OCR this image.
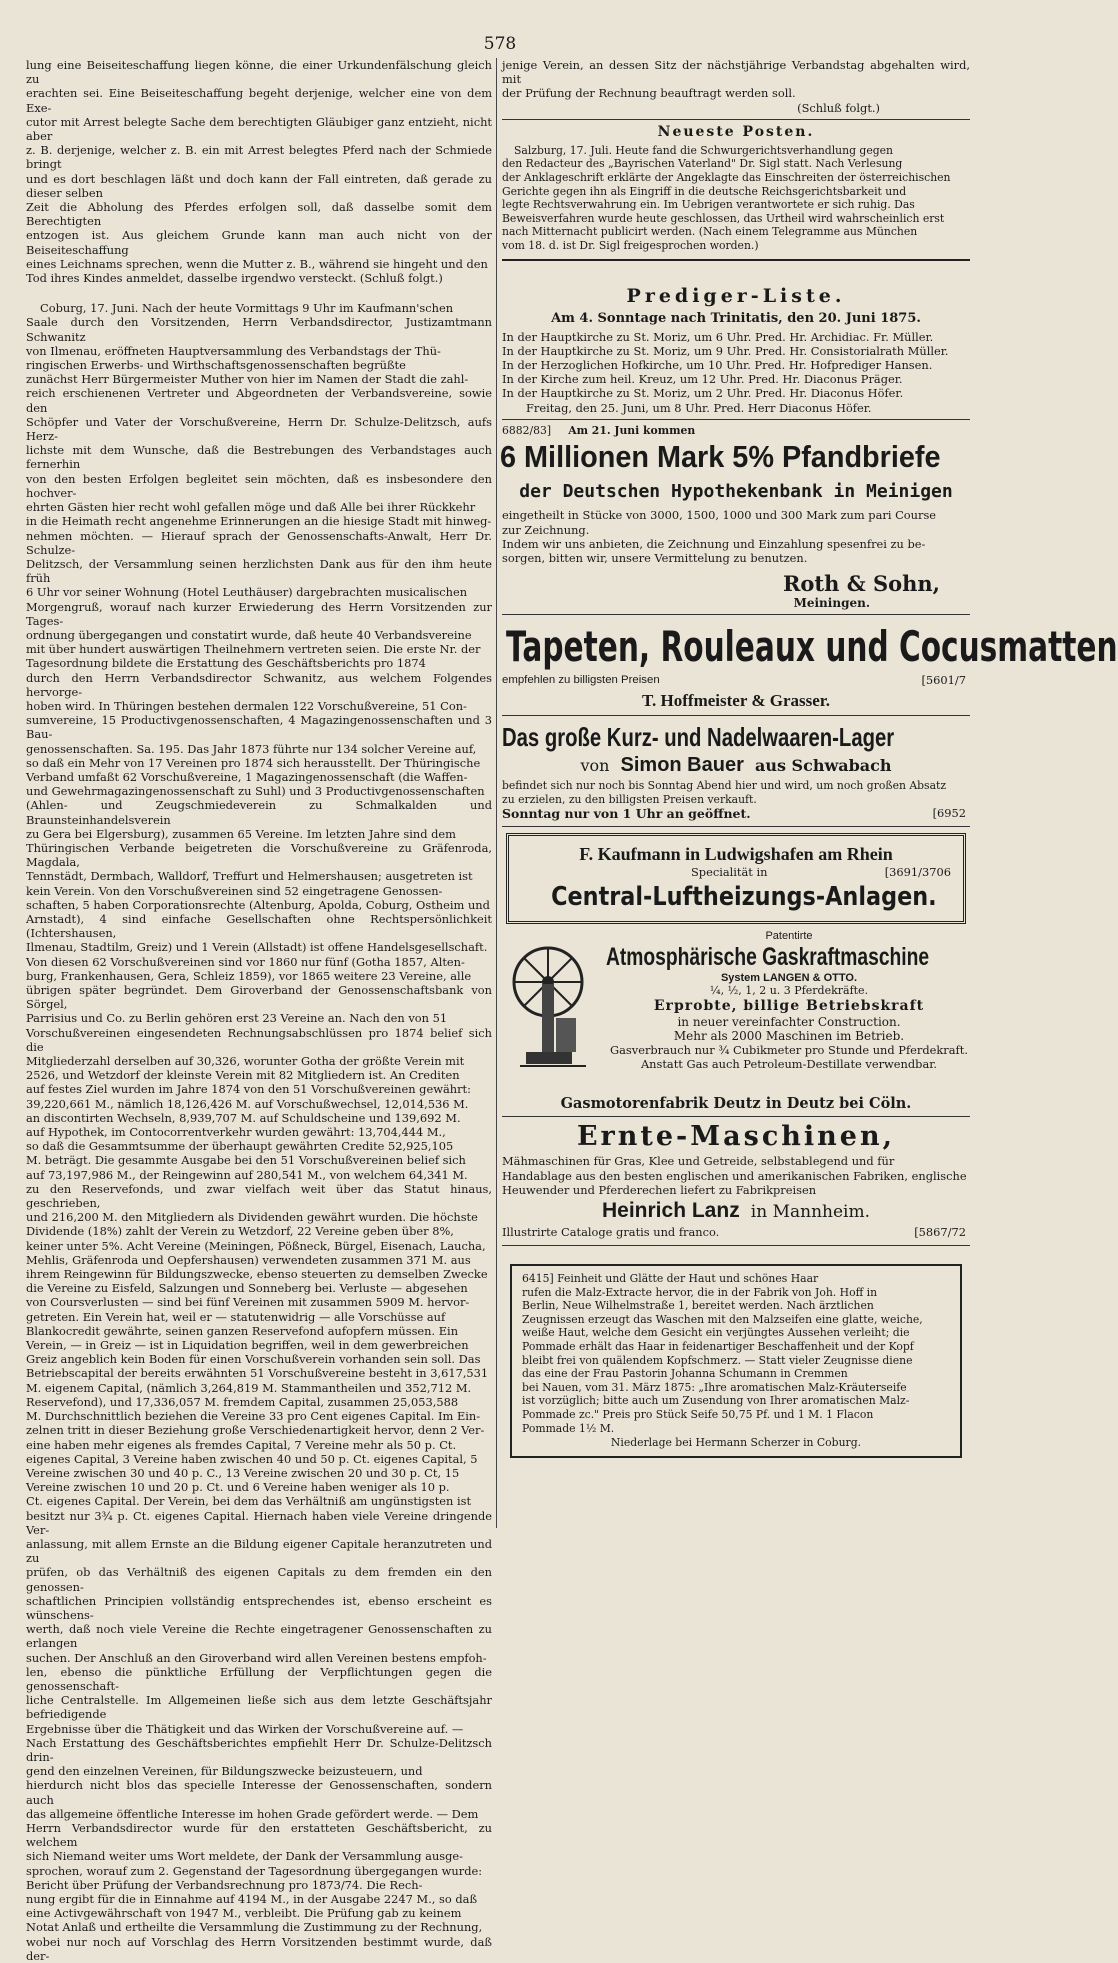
578

lung eine Beiseiteschaffung liegen könne, die einer Urkundenfälschung gleich zu

erachten sei. Eine Beiseiteschaffung begeht derjenige, welcher eine von dem Exe-

cutor mit Arrest belegte Sache dem berechtigten Gläubiger ganz entzieht, nicht aber

z. B. derjenige, welcher z. B. ein mit Arrest belegtes Pferd nach der Schmiede bringt

und es dort beschlagen läßt und doch kann der Fall eintreten, daß gerade zu dieser selben

Zeit die Abholung des Pferdes erfolgen soll, daß dasselbe somit dem Berechtigten

entzogen ist. Aus gleichem Grunde kann man auch nicht von der Beiseiteschaffung

eines Leichnams sprechen, wenn die Mutter z. B., während sie hingeht und den

Tod ihres Kindes anmeldet, dasselbe irgendwo versteckt. (Schluß folgt.)

Coburg, 17. Juni. Nach der heute Vormittags 9 Uhr im Kaufmann'schen

Saale durch den Vorsitzenden, Herrn Verbandsdirector, Justizamtmann Schwanitz

von Ilmenau, eröffneten Hauptversammlung des Verbandstags der Thü-

ringischen Erwerbs- und Wirthschaftsgenossenschaften begrüßte

zunächst Herr Bürgermeister Muther von hier im Namen der Stadt die zahl-

reich erschienenen Vertreter und Abgeordneten der Verbandsvereine, sowie den

Schöpfer und Vater der Vorschußvereine, Herrn Dr. Schulze-Delitzsch, aufs Herz-

lichste mit dem Wunsche, daß die Bestrebungen des Verbandstages auch fernerhin

von den besten Erfolgen begleitet sein möchten, daß es insbesondere den hochver-

ehrten Gästen hier recht wohl gefallen möge und daß Alle bei ihrer Rückkehr

in die Heimath recht angenehme Erinnerungen an die hiesige Stadt mit hinweg-

nehmen möchten. — Hierauf sprach der Genossenschafts-Anwalt, Herr Dr. Schulze-

Delitzsch, der Versammlung seinen herzlichsten Dank aus für den ihm heute früh

6 Uhr vor seiner Wohnung (Hotel Leuthäuser) dargebrachten musicalischen

Morgengruß, worauf nach kurzer Erwiederung des Herrn Vorsitzenden zur Tages-

ordnung übergegangen und constatirt wurde, daß heute 40 Verbandsvereine

mit über hundert auswärtigen Theilnehmern vertreten seien. Die erste Nr. der

Tagesordnung bildete die Erstattung des Geschäftsberichts pro 1874

durch den Herrn Verbandsdirector Schwanitz, aus welchem Folgendes hervorge-

hoben wird. In Thüringen bestehen dermalen 122 Vorschußvereine, 51 Con-

sumvereine, 15 Productivgenossenschaften, 4 Magazingenossenschaften und 3 Bau-

genossenschaften. Sa. 195. Das Jahr 1873 führte nur 134 solcher Vereine auf,

so daß ein Mehr von 17 Vereinen pro 1874 sich herausstellt. Der Thüringische

Verband umfaßt 62 Vorschußvereine, 1 Magazingenossenschaft (die Waffen-

und Gewehrmagazingenossenschaft zu Suhl) und 3 Productivgenossenschaften

(Ahlen- und Zeugschmiedeverein zu Schmalkalden und Braunsteinhandelsverein

zu Gera bei Elgersburg), zusammen 65 Vereine. Im letzten Jahre sind dem

Thüringischen Verbande beigetreten die Vorschußvereine zu Gräfenroda, Magdala,

Tennstädt, Dermbach, Walldorf, Treffurt und Helmershausen; ausgetreten ist

kein Verein. Von den Vorschußvereinen sind 52 eingetragene Genossen-

schaften, 5 haben Corporationsrechte (Altenburg, Apolda, Coburg, Ostheim und

Arnstadt), 4 sind einfache Gesellschaften ohne Rechtspersönlichkeit (Ichtershausen,

Ilmenau, Stadtilm, Greiz) und 1 Verein (Allstadt) ist offene Handelsgesellschaft.

Von diesen 62 Vorschußvereinen sind vor 1860 nur fünf (Gotha 1857, Alten-

burg, Frankenhausen, Gera, Schleiz 1859), vor 1865 weitere 23 Vereine, alle

übrigen später begründet. Dem Giroverband der Genossenschaftsbank von Sörgel,

Parrisius und Co. zu Berlin gehören erst 23 Vereine an. Nach den von 51

Vorschußvereinen eingesendeten Rechnungsabschlüssen pro 1874 belief sich die

Mitgliederzahl derselben auf 30,326, worunter Gotha der größte Verein mit

2526, und Wetzdorf der kleinste Verein mit 82 Mitgliedern ist. An Crediten

auf festes Ziel wurden im Jahre 1874 von den 51 Vorschußvereinen gewährt:

39,220,661 M., nämlich 18,126,426 M. auf Vorschußwechsel, 12,014,536 M.

an discontirten Wechseln, 8,939,707 M. auf Schuldscheine und 139,692 M.

auf Hypothek, im Contocorrentverkehr wurden gewährt: 13,704,444 M.,

so daß die Gesammtsumme der überhaupt gewährten Credite 52,925,105

M. beträgt. Die gesammte Ausgabe bei den 51 Vorschußvereinen belief sich

auf 73,197,986 M., der Reingewinn auf 280,541 M., von welchem 64,341 M.

zu den Reservefonds, und zwar vielfach weit über das Statut hinaus, geschrieben,

und 216,200 M. den Mitgliedern als Dividenden gewährt wurden. Die höchste

Dividende (18%) zahlt der Verein zu Wetzdorf, 22 Vereine geben über 8%,

keiner unter 5%. Acht Vereine (Meiningen, Pößneck, Bürgel, Eisenach, Laucha,

Mehlis, Gräfenroda und Oepfershausen) verwendeten zusammen 371 M. aus

ihrem Reingewinn für Bildungszwecke, ebenso steuerten zu demselben Zwecke

die Vereine zu Eisfeld, Salzungen und Sonneberg bei. Verluste — abgesehen

von Coursverlusten — sind bei fünf Vereinen mit zusammen 5909 M. hervor-

getreten. Ein Verein hat, weil er — statutenwidrig — alle Vorschüsse auf

Blankocredit gewährte, seinen ganzen Reservefond aufopfern müssen. Ein

Verein, — in Greiz — ist in Liquidation begriffen, weil in dem gewerbreichen

Greiz angeblich kein Boden für einen Vorschußverein vorhanden sein soll. Das

Betriebscapital der bereits erwähnten 51 Vorschußvereine besteht in 3,617,531

M. eigenem Capital, (nämlich 3,264,819 M. Stammantheilen und 352,712 M.

Reservefond), und 17,336,057 M. fremdem Capital, zusammen 25,053,588

M. Durchschnittlich beziehen die Vereine 33 pro Cent eigenes Capital. Im Ein-

zelnen tritt in dieser Beziehung große Verschiedenartigkeit hervor, denn 2 Ver-

eine haben mehr eigenes als fremdes Capital, 7 Vereine mehr als 50 p. Ct.

eigenes Capital, 3 Vereine haben zwischen 40 und 50 p. Ct. eigenes Capital, 5

Vereine zwischen 30 und 40 p. C., 13 Vereine zwischen 20 und 30 p. Ct, 15

Vereine zwischen 10 und 20 p. Ct. und 6 Vereine haben weniger als 10 p.

Ct. eigenes Capital. Der Verein, bei dem das Verhältniß am ungünstigsten ist

besitzt nur 3¾ p. Ct. eigenes Capital. Hiernach haben viele Vereine dringende Ver-

anlassung, mit allem Ernste an die Bildung eigener Capitale heranzutreten und zu

prüfen, ob das Verhältniß des eigenen Capitals zu dem fremden ein den genossen-

schaftlichen Principien vollständig entsprechendes ist, ebenso erscheint es wünschens-

werth, daß noch viele Vereine die Rechte eingetragener Genossenschaften zu erlangen

suchen. Der Anschluß an den Giroverband wird allen Vereinen bestens empfoh-

len, ebenso die pünktliche Erfüllung der Verpflichtungen gegen die genossenschaft-

liche Centralstelle. Im Allgemeinen ließe sich aus dem letzte Geschäftsjahr befriedigende

Ergebnisse über die Thätigkeit und das Wirken der Vorschußvereine auf. —

Nach Erstattung des Geschäftsberichtes empfiehlt Herr Dr. Schulze-Delitzsch drin-

gend den einzelnen Vereinen, für Bildungszwecke beizusteuern, und

hierdurch nicht blos das specielle Interesse der Genossenschaften, sondern auch

das allgemeine öffentliche Interesse im hohen Grade gefördert werde. — Dem

Herrn Verbandsdirector wurde für den erstatteten Geschäftsbericht, zu welchem

sich Niemand weiter ums Wort meldete, der Dank der Versammlung ausge-

sprochen, worauf zum 2. Gegenstand der Tagesordnung übergegangen wurde:

Bericht über Prüfung der Verbandsrechnung pro 1873/74. Die Rech-

nung ergibt für die in Einnahme auf 4194 M., in der Ausgabe 2247 M., so daß

eine Activgewährschaft von 1947 M., verbleibt. Die Prüfung gab zu keinem

Notat Anlaß und ertheilte die Versammlung die Zustimmung zu der Rechnung,

wobei nur noch auf Vorschlag des Herrn Vorsitzenden bestimmt wurde, daß der-

jenige Verein, an dessen Sitz der nächstjährige Verbandstag abgehalten wird, mit

der Prüfung der Rechnung beauftragt werden soll.

(Schluß folgt.)

Neueste Posten.

Salzburg, 17. Juli. Heute fand die Schwurgerichtsverhandlung gegen

den Redacteur des „Bayrischen Vaterland" Dr. Sigl statt. Nach Verlesung

der Anklageschrift erklärte der Angeklagte das Einschreiten der österreichischen

Gerichte gegen ihn als Eingriff in die deutsche Reichsgerichtsbarkeit und

legte Rechtsverwahrung ein. Im Uebrigen verantwortete er sich ruhig. Das

Beweisverfahren wurde heute geschlossen, das Urtheil wird wahrscheinlich erst

nach Mitternacht publicirt werden. (Nach einem Telegramme aus München

vom 18. d. ist Dr. Sigl freigesprochen worden.)

Prediger-Liste.

Am 4. Sonntage nach Trinitatis, den 20. Juni 1875.

In der Hauptkirche zu St. Moriz, um 6 Uhr. Pred. Hr. Archidiac. Fr. Müller.

In der Hauptkirche zu St. Moriz, um 9 Uhr. Pred. Hr. Consistorialrath Müller.

In der Herzoglichen Hofkirche, um 10 Uhr. Pred. Hr. Hofprediger Hansen.

In der Kirche zum heil. Kreuz, um 12 Uhr. Pred. Hr. Diaconus Präger.

In der Hauptkirche zu St. Moriz, um 2 Uhr. Pred. Hr. Diaconus Höfer.

Freitag, den 25. Juni, um 8 Uhr. Pred. Herr Diaconus Höfer.

6882/83] Am 21. Juni kommen

6 Millionen Mark 5% Pfandbriefe

der Deutschen Hypothekenbank in Meinigen

eingetheilt in Stücke von 3000, 1500, 1000 und 300 Mark zum pari Course

zur Zeichnung.

Indem wir uns anbieten, die Zeichnung und Einzahlung spesenfrei zu be-

sorgen, bitten wir, unsere Vermittelung zu benutzen.

Roth & Sohn,

Meiningen.

Tapeten, Rouleaux und Cocusmatten
empfehlen zu billigsten Preisen	[5601/7

T. Hoffmeister & Grasser.

Das große Kurz- und Nadelwaaren-Lager

von Simon Bauer aus Schwabach

befindet sich nur noch bis Sonntag Abend hier und wird, um noch großen Absatz

zu erzielen, zu den billigsten Preisen verkauft.

Sonntag nur von 1 Uhr an geöffnet.	[6952

F. Kaufmann in Ludwigshafen am Rhein

Specialität in	[3691/3706
Central-Luftheizungs-Anlagen.

Patentirte

Atmosphärische Gaskraftmaschine

System LANGEN & OTTO.

¼, ½, 1, 2 u. 3 Pferdekräfte.

Erprobte, billige Betriebskraft

in neuer vereinfachter Construction.

Mehr als 2000 Maschinen im Betrieb.

Gasverbrauch nur ¾ Cubikmeter pro Stunde und Pferdekraft.

Anstatt Gas auch Petroleum-Destillate verwendbar.

Gasmotorenfabrik Deutz in Deutz bei Cöln.

Ernte-Maschinen,

Mähmaschinen für Gras, Klee und Getreide, selbstablegend und für

Handablage aus den besten englischen und amerikanischen Fabriken, englische

Heuwender und Pferderechen liefert zu Fabrikpreisen

Heinrich Lanz in Mannheim.

Illustrirte Cataloge gratis und franco.	[5867/72

6415] Feinheit und Glätte der Haut und schönes Haar

rufen die Malz-Extracte hervor, die in der Fabrik von Joh. Hoff in

Berlin, Neue Wilhelmstraße 1, bereitet werden. Nach ärztlichen

Zeugnissen erzeugt das Waschen mit den Malzseifen eine glatte, weiche,

weiße Haut, welche dem Gesicht ein verjüngtes Aussehen verleiht; die

Pommade erhält das Haar in feidenartiger Beschaffenheit und der Kopf

bleibt frei von quälendem Kopfschmerz. — Statt vieler Zeugnisse diene

das eine der Frau Pastorin Johanna Schumann in Cremmen

bei Nauen, vom 31. März 1875: „Ihre aromatischen Malz-Kräuterseife

ist vorzüglich; bitte auch um Zusendung von Ihrer aromatischen Malz-

Pommade zc." Preis pro Stück Seife 50,75 Pf. und 1 M. 1 Flacon

Pommade 1½ M.

Niederlage bei Hermann Scherzer in Coburg.
